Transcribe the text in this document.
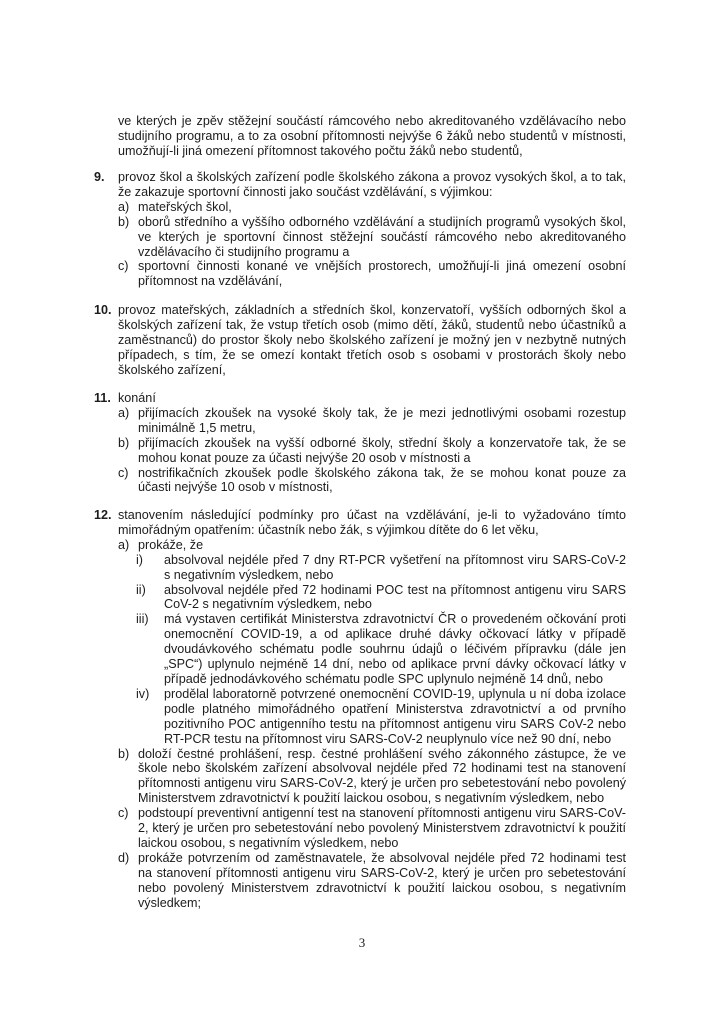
ve kterých je zpěv stěžejní součástí rámcového nebo akreditovaného vzdělávacího nebo studijního programu, a to za osobní přítomnosti nejvýše 6 žáků nebo studentů v místnosti, umožňují-li jiná omezení přítomnost takového počtu žáků nebo studentů,

9.	provoz škol a školských zařízení podle školského zákona a provoz vysokých škol, a to tak, že zakazuje sportovní činnosti jako součást vzdělávání, s výjimkou:

a) mateřských škol,

b) oborů středního a vyššího odborného vzdělávání a studijních programů vysokých škol, ve kterých je sportovní činnost stěžejní součástí rámcového nebo akreditovaného vzdělávacího či studijního programu a

c) sportovní činnosti konané ve vnějších prostorech, umožňují-li jiná omezení osobní přítomnost na vzdělávání,

10. provoz mateřských, základních a středních škol, konzervatoří, vyšších odborných škol a školských zařízení tak, že vstup třetích osob (mimo dětí, žáků, studentů nebo účastníků a zaměstnanců) do prostor školy nebo školského zařízení je možný jen v nezbytně nutných případech, s tím, že se omezí kontakt třetích osob s osobami v prostorách školy nebo školského zařízení,

11. konání

a) přijímacích zkoušek na vysoké školy tak, že je mezi jednotlivými osobami rozestup minimálně 1,5 metru,

b) přijímacích zkoušek na vyšší odborné školy, střední školy a konzervatoře tak, že se mohou konat pouze za účasti nejvýše 20 osob v místnosti a

c) nostrifikačních zkoušek podle školského zákona tak, že se mohou konat pouze za účasti nejvýše 10 osob v místnosti,

12. stanovením následující podmínky pro účast na vzdělávání, je-li to vyžadováno tímto mimořádným opatřením: účastník nebo žák, s výjimkou dítěte do 6 let věku,

a) prokáže, že

i) absolvoval nejdéle před 7 dny RT-PCR vyšetření na přítomnost viru SARS-CoV-2 s negativním výsledkem, nebo

ii) absolvoval nejdéle před 72 hodinami POC test na přítomnost antigenu viru SARS CoV-2 s negativním výsledkem, nebo

iii) má vystaven certifikát Ministerstva zdravotnictví ČR o provedeném očkování proti onemocnění COVID-19, a od aplikace druhé dávky očkovací látky v případě dvoudávkového schématu podle souhrnu údajů o léčivém přípravku (dále jen „SPC“) uplynulo nejméně 14 dní, nebo od aplikace první dávky očkovací látky v případě jednodávkového schématu podle SPC uplynulo nejméně 14 dnů, nebo

iv) prodělal laboratorně potvrzené onemocnění COVID-19, uplynula u ní doba izolace podle platného mimořádného opatření Ministerstva zdravotnictví a od prvního pozitivního POC antigenního testu na přítomnost antigenu viru SARS CoV-2 nebo RT-PCR testu na přítomnost viru SARS-CoV-2 neuplynulo více než 90 dní, nebo

b) doloží čestné prohlášení, resp. čestné prohlášení svého zákonného zástupce, že ve škole nebo školském zařízení absolvoval nejdéle před 72 hodinami test na stanovení přítomnosti antigenu viru SARS-CoV-2, který je určen pro sebetestování nebo povolený Ministerstvem zdravotnictví k použití laickou osobou, s negativním výsledkem, nebo

c) podstoupí preventivní antigenní test na stanovení přítomnosti antigenu viru SARS-CoV-2, který je určen pro sebetestování nebo povolený Ministerstvem zdravotnictví k použití laickou osobou, s negativním výsledkem, nebo

d) prokáže potvrzením od zaměstnavatele, že absolvoval nejdéle před 72 hodinami test na stanovení přítomnosti antigenu viru SARS-CoV-2, který je určen pro sebetestování nebo povolený Ministerstvem zdravotnictví k použití laickou osobou, s negativním výsledkem;

3
